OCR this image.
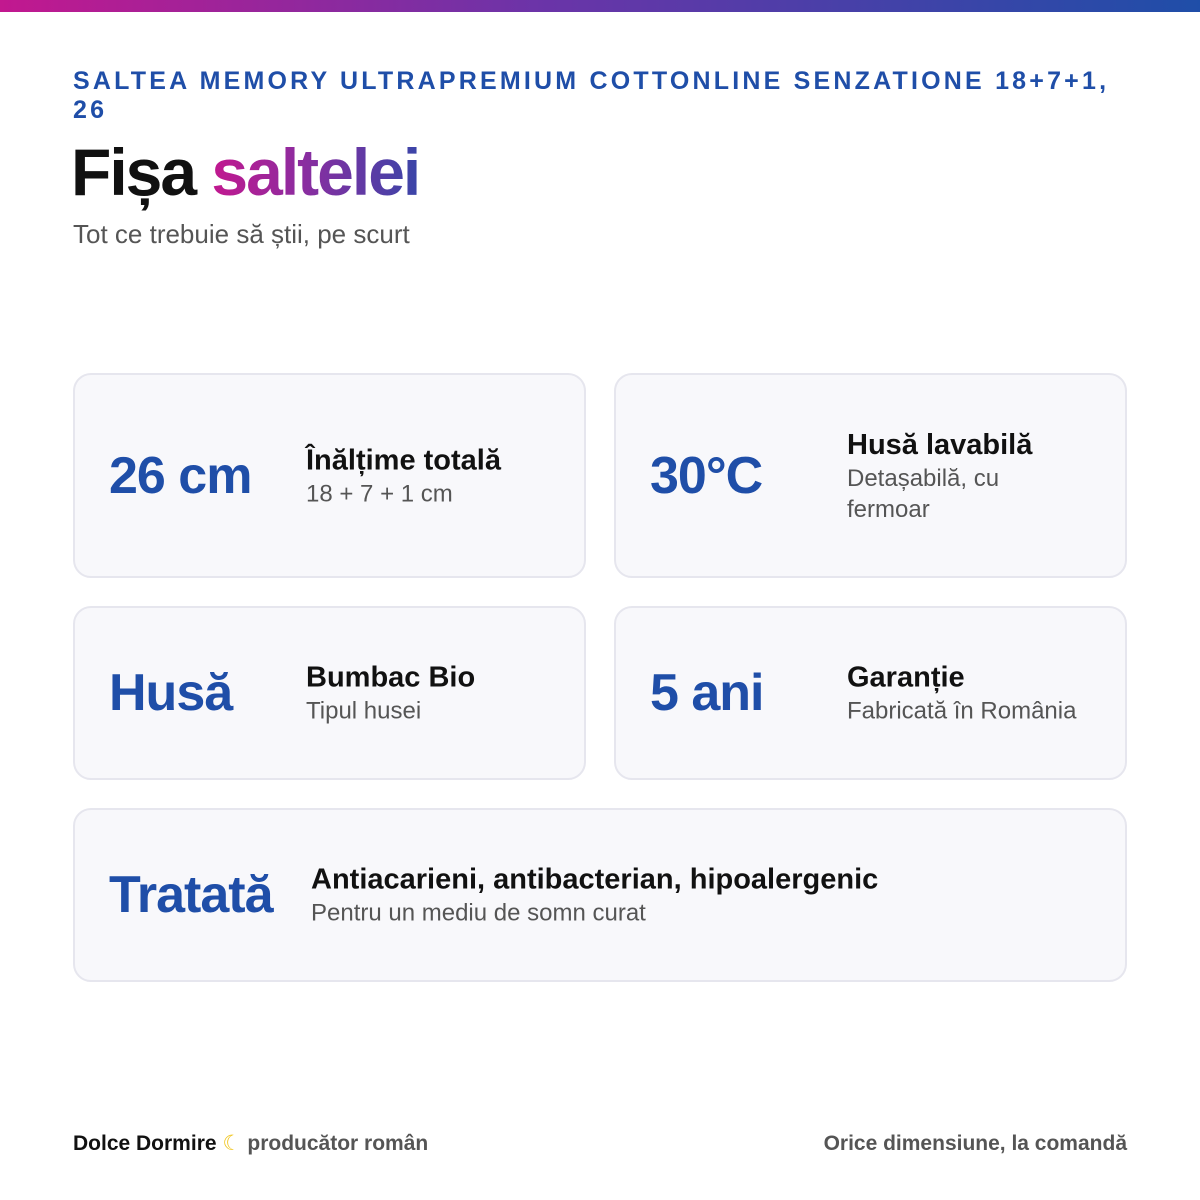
SALTEA MEMORY ULTRAPREMIUM COTTONLINE SENZATIONE 18+7+1, 26
Fișa saltelei
Tot ce trebuie să știi, pe scurt
26 cm Înălțime totală
18 + 7 + 1 cm	30°C
Husă lavabilă
Detașabilă, cu fermoar
Husă	Bumbac Bio
Tipul husei	5 ani	Garanție
Fabricată în România
Tratată Antiacarieni, antibacterian, hipoalergenic
Pentru un mediu de somn curat
Dolce Dormire ☾ producător român	Orice dimensiune, la comandă
